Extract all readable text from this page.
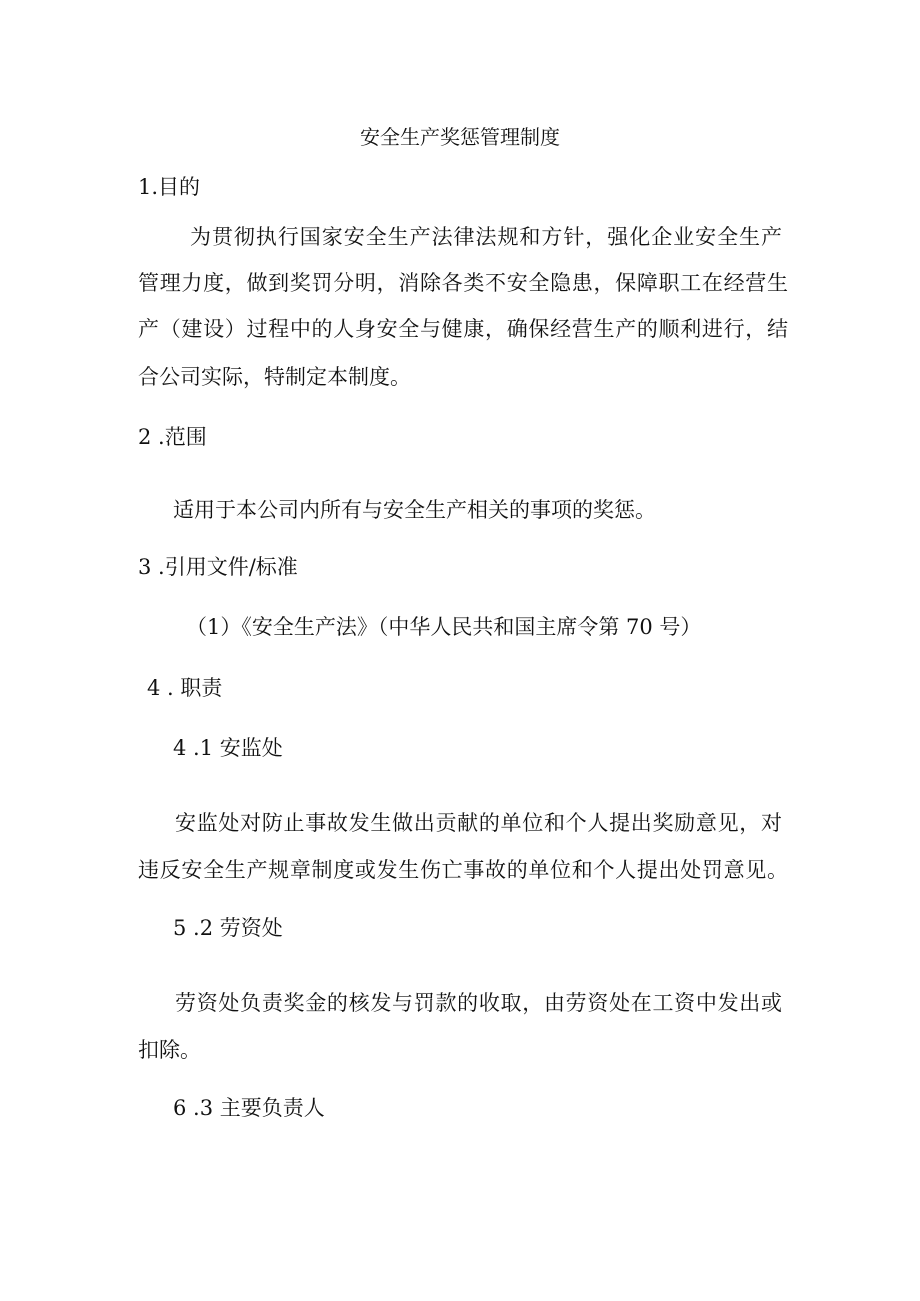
安全生产奖惩管理制度
1.目的
为贯彻执行国家安全生产法律法规和方针，强化企业安全生产
管理力度，做到奖罚分明，消除各类不安全隐患，保障职工在经营生
产（建设）过程中的人身安全与健康，确保经营生产的顺利进行，结
合公司实际，特制定本制度。
2 .范围
适用于本公司内所有与安全生产相关的事项的奖惩。
3 .引用文件/标准
（1）《安全生产法》（中华人民共和国主席令第 70 号）
4 . 职责
4 .1 安监处
安监处对防止事故发生做出贡献的单位和个人提出奖励意见，对
违反安全生产规章制度或发生伤亡事故的单位和个人提出处罚意见。
5 .2 劳资处
劳资处负责奖金的核发与罚款的收取，由劳资处在工资中发出或
扣除。
6 .3 主要负责人
